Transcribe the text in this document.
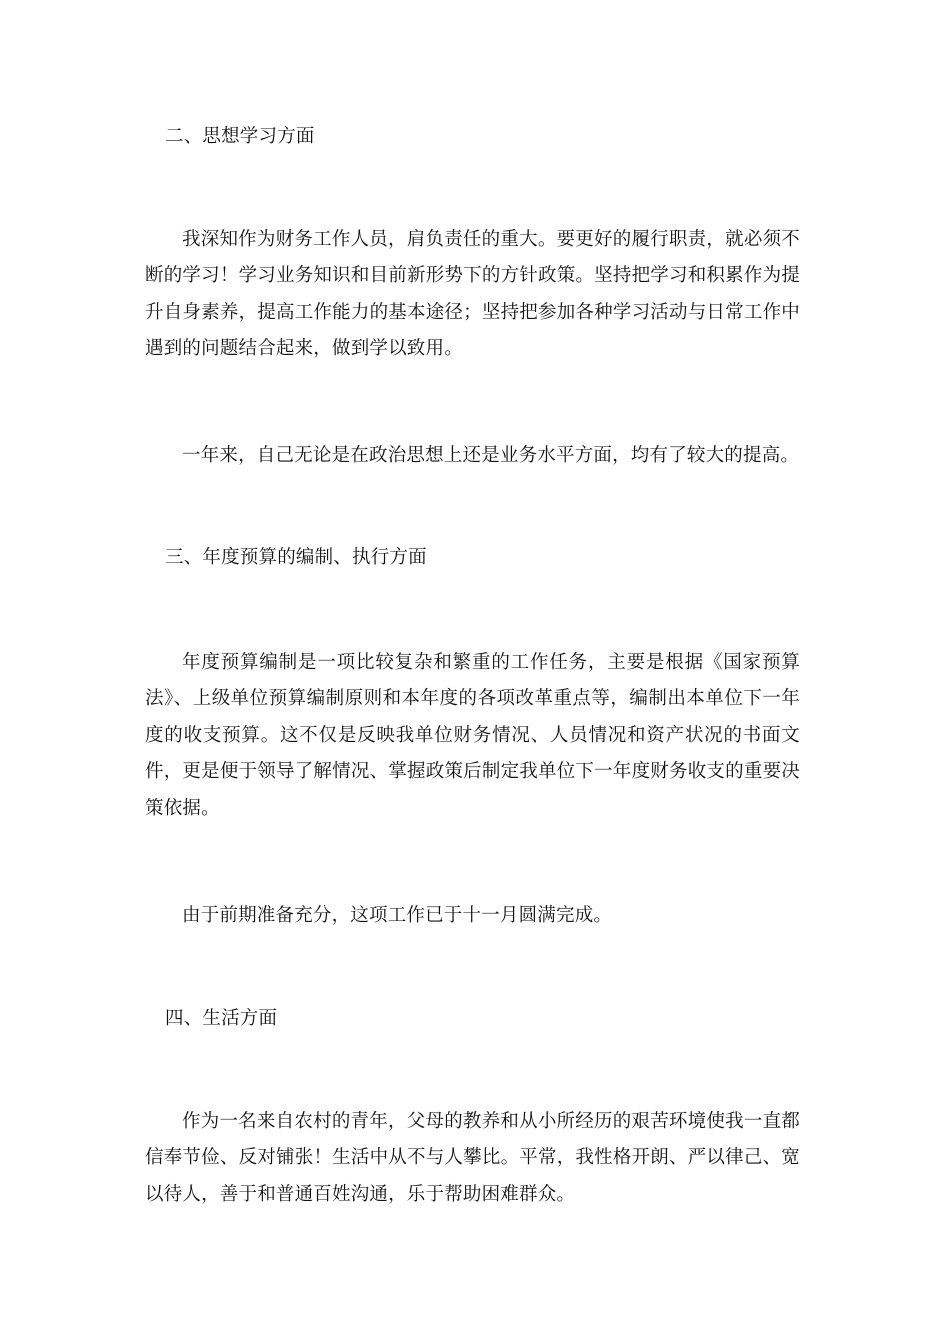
二、思想学习方面

我深知作为财务工作人员，肩负责任的重大。要更好的履行职责，就必须不断的学习！学习业务知识和目前新形势下的方针政策。坚持把学习和积累作为提升自身素养，提高工作能力的基本途径；坚持把参加各种学习活动与日常工作中遇到的问题结合起来，做到学以致用。

一年来，自己无论是在政治思想上还是业务水平方面，均有了较大的提高。

三、年度预算的编制、执行方面

年度预算编制是一项比较复杂和繁重的工作任务，主要是根据《国家预算法》、上级单位预算编制原则和本年度的各项改革重点等，编制出本单位下一年度的收支预算。这不仅是反映我单位财务情况、人员情况和资产状况的书面文件，更是便于领导了解情况、掌握政策后制定我单位下一年度财务收支的重要决策依据。

由于前期准备充分，这项工作已于十一月圆满完成。

四、生活方面

作为一名来自农村的青年，父母的教养和从小所经历的艰苦环境使我一直都信奉节俭、反对铺张！生活中从不与人攀比。平常，我性格开朗、严以律己、宽以待人，善于和普通百姓沟通，乐于帮助困难群众。
